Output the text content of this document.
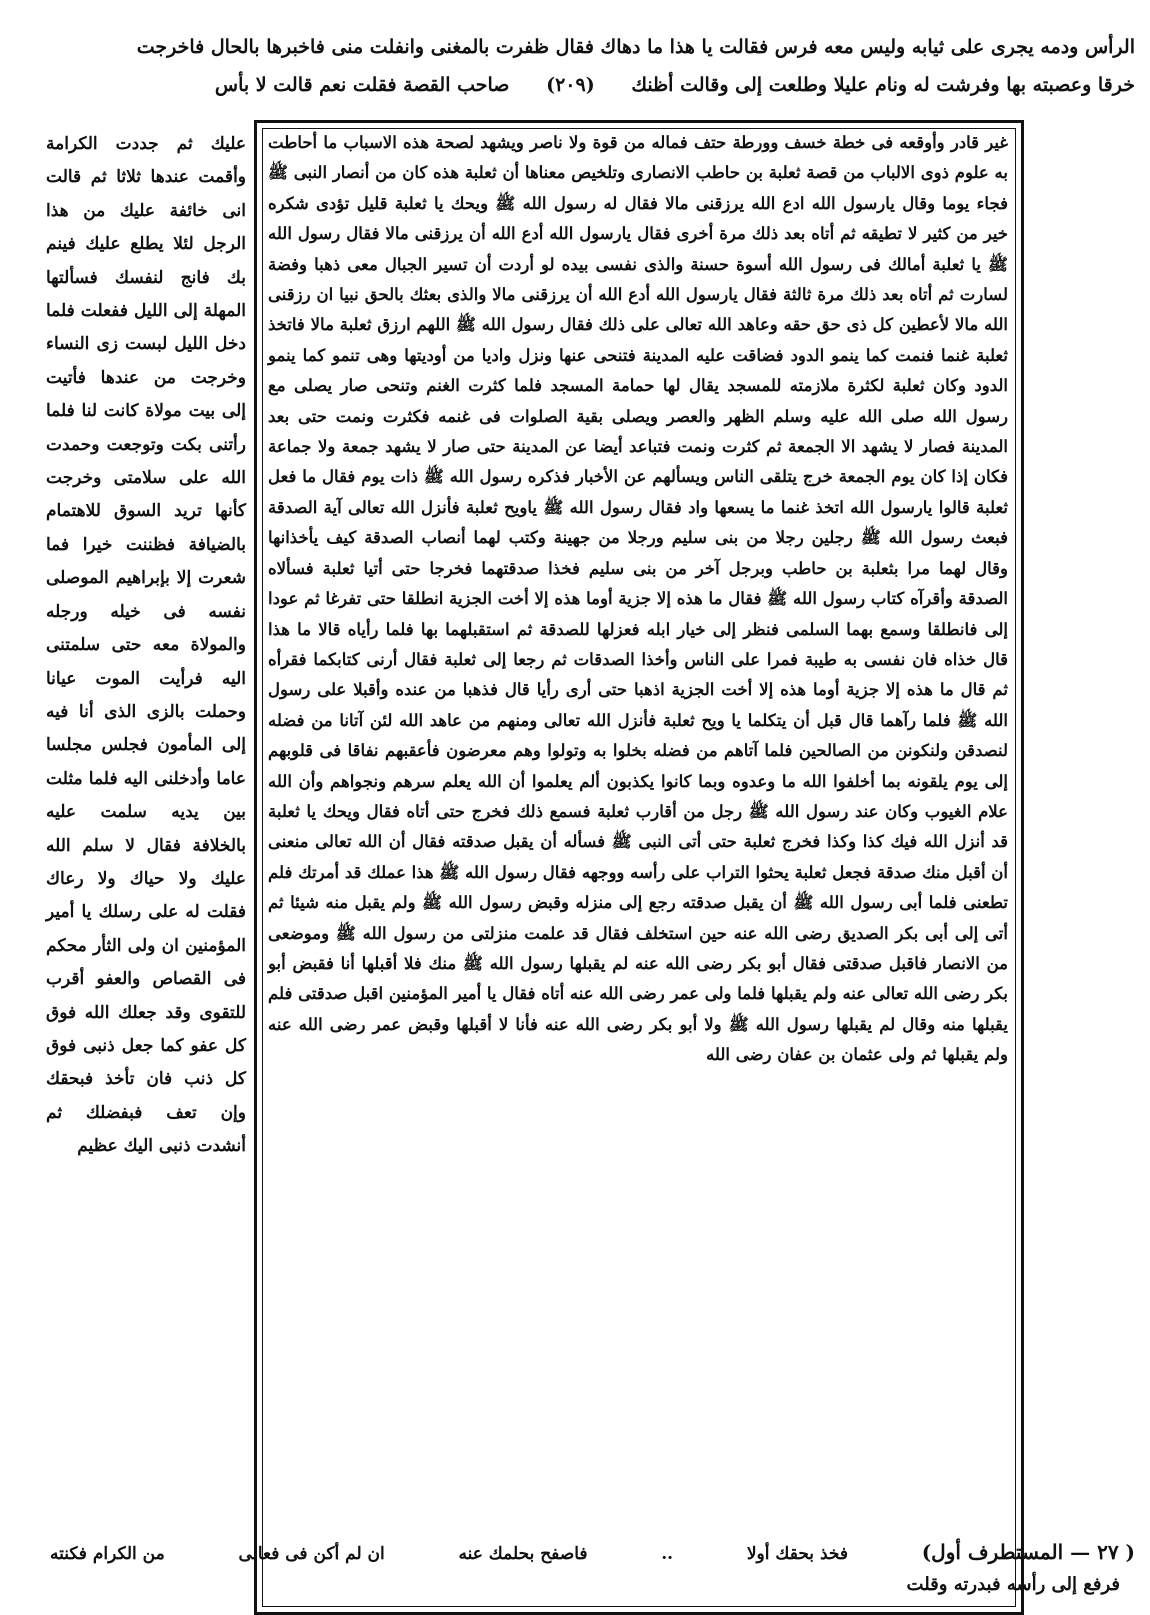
الرأس ودمه يجرى على ثيابه وليس معه فرس فقالت يا هذا ما دهاك فقال ظفرت بالمغنى وانفلت منى فاخبرها بالحال فاخرجت
خرقا وعصبته بها وفرشت له ونام عليلا وطلعت إلى وقالت أظنك (٢٠٩) صاحب القصة فقلت نعم قالت لا بأس

غير قادر وأوقعه فى خطة خسف وورطة حتف فماله من قوة ولا ناصر ويشهد لصحة هذه الاسباب ما أحاطت به علوم ذوى الالباب من قصة ثعلبة بن حاطب الانصارى وتلخيص معناها أن ثعلبة هذه كان من أنصار النبى ﷺ فجاء يوما وقال يارسول الله ادع الله يرزقنى مالا فقال له رسول الله ﷺ ويحك يا ثعلبة قليل تؤدى شكره خير من كثير لا تطيقه ثم أتاه بعد ذلك مرة أخرى فقال يارسول الله أدع الله أن يرزقنى مالا فقال رسول الله ﷺ يا ثعلبة أمالك فى رسول الله أسوة حسنة والذى نفسى بيده لو أردت أن تسير الجبال معى ذهبا وفضة لسارت ثم أتاه بعد ذلك مرة ثالثة فقال يارسول الله أدع الله أن يرزقنى مالا والذى بعثك بالحق نبيا ان رزقنى الله مالا لأعطين كل ذى حق حقه وعاهد الله تعالى على ذلك فقال رسول الله ﷺ اللهم ارزق ثعلبة مالا فاتخذ ثعلبة غنما فنمت كما ينمو الدود فضاقت عليه المدينة فتنحى عنها ونزل واديا من أوديتها وهى تنمو كما ينمو الدود وكان ثعلبة لكثرة ملازمته للمسجد يقال لها حمامة المسجد فلما كثرت الغنم وتنحى صار يصلى مع رسول الله صلى الله عليه وسلم الظهر والعصر ويصلى بقية الصلوات فى غنمه فكثرت ونمت حتى بعد المدينة فصار لا يشهد الا الجمعة ثم كثرت ونمت فتباعد أيضا عن المدينة حتى صار لا يشهد جمعة ولا جماعة فكان إذا كان يوم الجمعة خرج يتلقى الناس ويسألهم عن الأخبار فذكره رسول الله ﷺ ذات يوم فقال ما فعل ثعلبة قالوا يارسول الله اتخذ غنما ما يسعها واد فقال رسول الله ﷺ ياويح ثعلبة فأنزل الله تعالى آية الصدقة فبعث رسول الله ﷺ رجلين رجلا من بنى سليم ورجلا من جهينة وكتب لهما أنصاب الصدقة كيف يأخذانها وقال لهما مرا بثعلبة بن حاطب وبرجل آخر من بنى سليم فخذا صدقتهما فخرجا حتى أتيا ثعلبة فسألاه الصدقة وأقرآه كتاب رسول الله ﷺ فقال ما هذه إلا جزية أوما هذه إلا أخت الجزية انطلقا حتى تفرغا ثم عودا إلى فانطلقا وسمع بهما السلمى فنظر إلى خيار ابله فعزلها للصدقة ثم استقبلهما بها فلما رأياه قالا ما هذا قال خذاه فان نفسى به طيبة فمرا على الناس وأخذا الصدقات ثم رجعا إلى ثعلبة فقال أرنى كتابكما فقرأه ثم قال ما هذه إلا جزية أوما هذه إلا أخت الجزية اذهبا حتى أرى رأيا قال فذهبا من عنده وأقبلا على رسول الله ﷺ فلما رآهما قال قبل أن يتكلما يا ويح ثعلبة فأنزل الله تعالى ومنهم من عاهد الله لئن آتانا من فضله لنصدقن ولنكونن من الصالحين فلما آتاهم من فضله بخلوا به وتولوا وهم معرضون فأعقبهم نفاقا فى قلوبهم إلى يوم يلقونه بما أخلفوا الله ما وعدوه وبما كانوا يكذبون ألم يعلموا أن الله يعلم سرهم ونجواهم وأن الله علام الغيوب وكان عند رسول الله ﷺ رجل من أقارب ثعلبة فسمع ذلك فخرج حتى أتاه فقال ويحك يا ثعلبة قد أنزل الله فيك كذا وكذا فخرج ثعلبة حتى أتى النبى ﷺ فسأله أن يقبل صدقته فقال أن الله تعالى منعنى أن أقبل منك صدقة فجعل ثعلبة يحثوا التراب على رأسه ووجهه فقال رسول الله ﷺ هذا عملك قد أمرتك فلم تطعنى فلما أبى رسول الله ﷺ أن يقبل صدقته رجع إلى منزله وقبض رسول الله ﷺ ولم يقبل منه شيئا ثم أتى إلى أبى بكر الصديق رضى الله عنه حين استخلف فقال قد علمت منزلتى من رسول الله ﷺ وموضعى من الانصار فاقبل صدقتى فقال أبو بكر رضى الله عنه لم يقبلها رسول الله ﷺ منك فلا أقبلها أنا فقبض أبو بكر رضى الله تعالى عنه ولم يقبلها فلما ولى عمر رضى الله عنه أتاه فقال يا أمير المؤمنين اقبل صدقتى فلم يقبلها منه وقال لم يقبلها رسول الله ﷺ ولا أبو بكر رضى الله عنه فأنا لا أقبلها وقبض عمر رضى الله عنه ولم يقبلها ثم ولى عثمان بن عفان رضى الله

عليك ثم جددت الكرامة وأقمت عندها ثلاثا ثم قالت انى خائفة عليك من هذا الرجل لئلا يطلع عليك فينم بك فانج لنفسك فسألتها المهلة إلى الليل ففعلت فلما دخل الليل لبست زى النساء وخرجت من عندها فأتيت إلى بيت مولاة كانت لنا فلما رأتنى بكت وتوجعت وحمدت الله على سلامتى وخرجت كأنها تريد السوق للاهتمام بالضيافة فظننت خيرا فما شعرت إلا بإبراهيم الموصلى نفسه فى خيله ورجله والمولاة معه حتى سلمتنى اليه فرأيت الموت عيانا وحملت بالزى الذى أنا فيه إلى المأمون فجلس مجلسا عاما وأدخلنى اليه فلما مثلت بين يديه سلمت عليه بالخلافة فقال لا سلم الله عليك ولا حياك ولا رعاك فقلت له على رسلك يا أمير المؤمنين ان ولى الثأر محكم فى القصاص والعفو أقرب للتقوى وقد جعلك الله فوق كل عفو كما جعل ذنبى فوق كل ذنب فان تأخذ فبحقك وإن تعف فبفضلك ثم أنشدت ذنبى اليك عظيم

( ٢٧ — المستطرف أول)
فخذ بحقك أولا
..
فاصفح بحلمك عنه
ان لم أكن فى فعالى
من الكرام فكنته
فرفع إلى رأسه فبدرته وقلت
